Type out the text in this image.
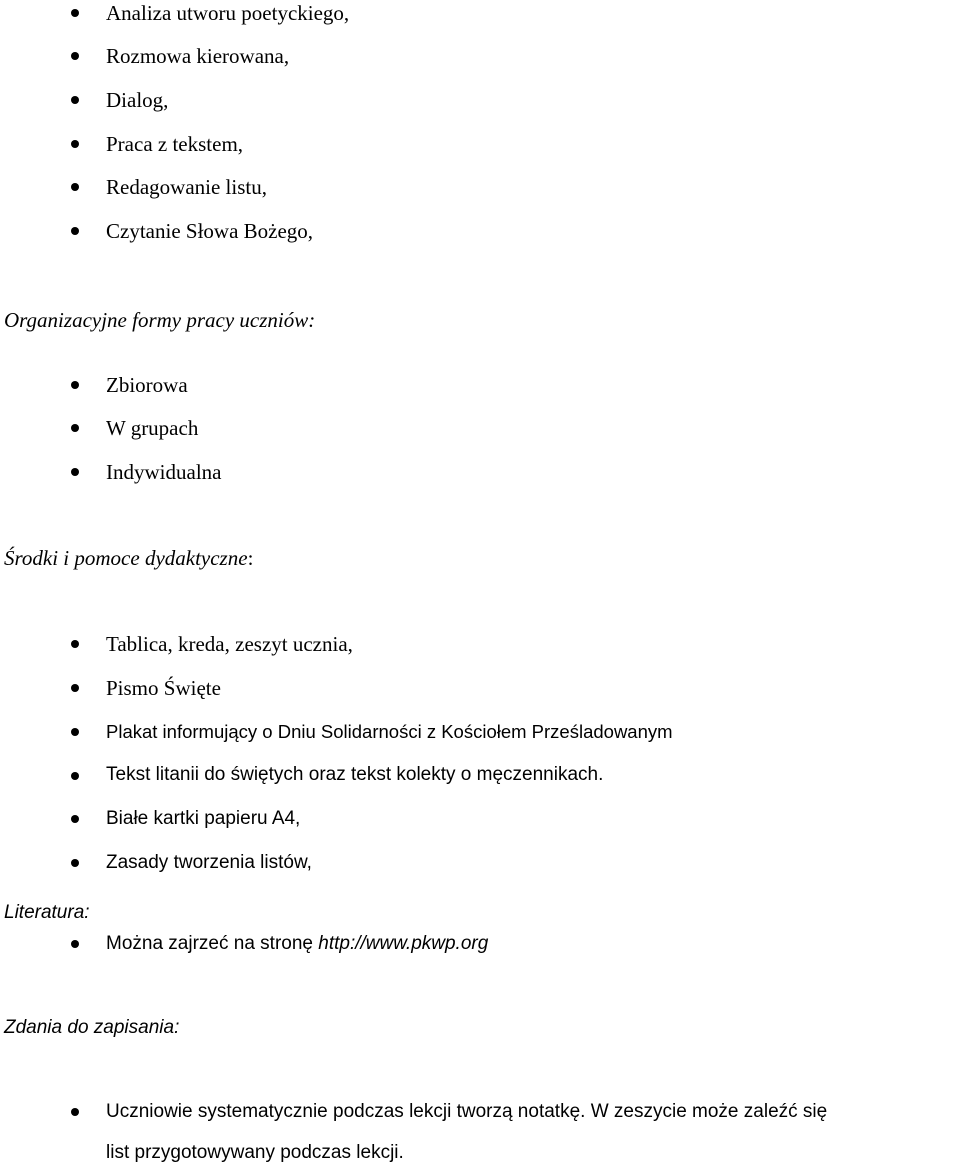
Analiza utworu poetyckiego,
Rozmowa kierowana,
Dialog,
Praca z tekstem,
Redagowanie listu,
Czytanie Słowa Bożego,
Organizacyjne formy pracy uczniów:
Zbiorowa
W grupach
Indywidualna
Środki i pomoce dydaktyczne:
Tablica, kreda, zeszyt ucznia,
Pismo Święte
Plakat informujący o Dniu Solidarności z Kościołem Prześladowanym
Tekst litanii do świętych oraz tekst kolekty o męczennikach.
Białe kartki papieru A4,
Zasady tworzenia listów,
Literatura:
Można zajrzeć na stronę http://www.pkwp.org
Zdania do zapisania:
Uczniowie systematycznie podczas lekcji tworzą notatkę. W zeszycie może zaleźć się
list przygotowywany podczas lekcji.
